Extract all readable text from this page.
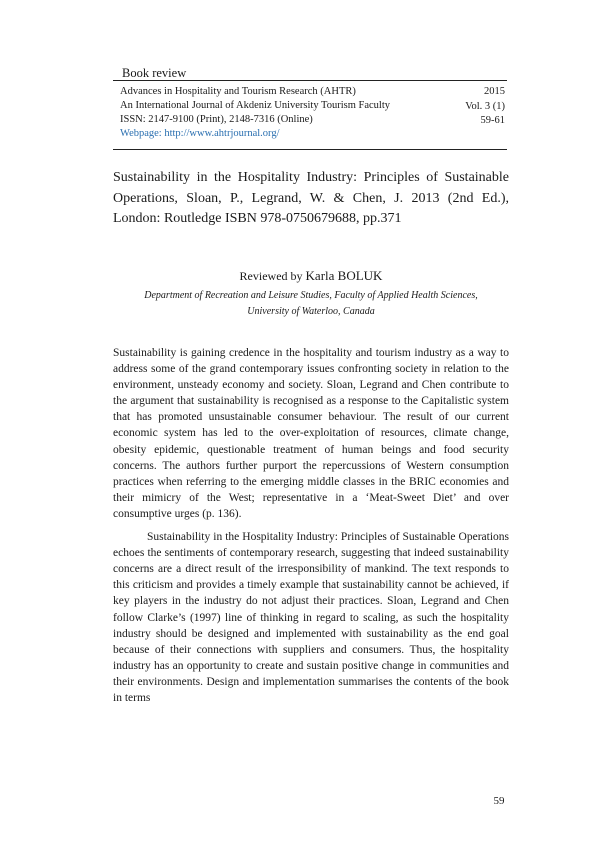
Book review
Advances in Hospitality and Tourism Research (AHTR)
An International Journal of Akdeniz University Tourism Faculty
ISSN: 2147-9100 (Print), 2148-7316 (Online)
Webpage: http://www.ahtrjournal.org/
2015
Vol. 3 (1)
59-61
Sustainability in the Hospitality Industry: Principles of Sustainable Operations, Sloan, P., Legrand, W. & Chen, J. 2013 (2nd Ed.), London: Routledge ISBN 978-0750679688, pp.371
Reviewed by Karla BOLUK
Department of Recreation and Leisure Studies, Faculty of Applied Health Sciences,
University of Waterloo, Canada

Sustainability is gaining credence in the hospitality and tourism industry as a way to address some of the grand contemporary issues confronting society in relation to the environment, unsteady economy and society. Sloan, Legrand and Chen contribute to the argument that sustainability is recognised as a response to the Capitalistic system that has promoted unsustainable consumer behaviour. The result of our current economic system has led to the over-exploitation of resources, climate change, obesity epidemic, questionable treatment of human beings and food security concerns. The authors further purport the repercussions of Western consumption practices when referring to the emerging middle classes in the BRIC economies and their mimicry of the West; representative in a ‘Meat-Sweet Diet’ and over consumptive urges (p. 136).

Sustainability in the Hospitality Industry: Principles of Sustainable Operations echoes the sentiments of contemporary research, suggesting that indeed sustainability concerns are a direct result of the irresponsibility of mankind. The text responds to this criticism and provides a timely example that sustainability cannot be achieved, if key players in the industry do not adjust their practices. Sloan, Legrand and Chen follow Clarke’s (1997) line of thinking in regard to scaling, as such the hospitality industry should be designed and implemented with sustainability as the end goal because of their connections with suppliers and consumers. Thus, the hospitality industry has an opportunity to create and sustain positive change in communities and their environments. Design and implementation summarises the contents of the book in terms

59
